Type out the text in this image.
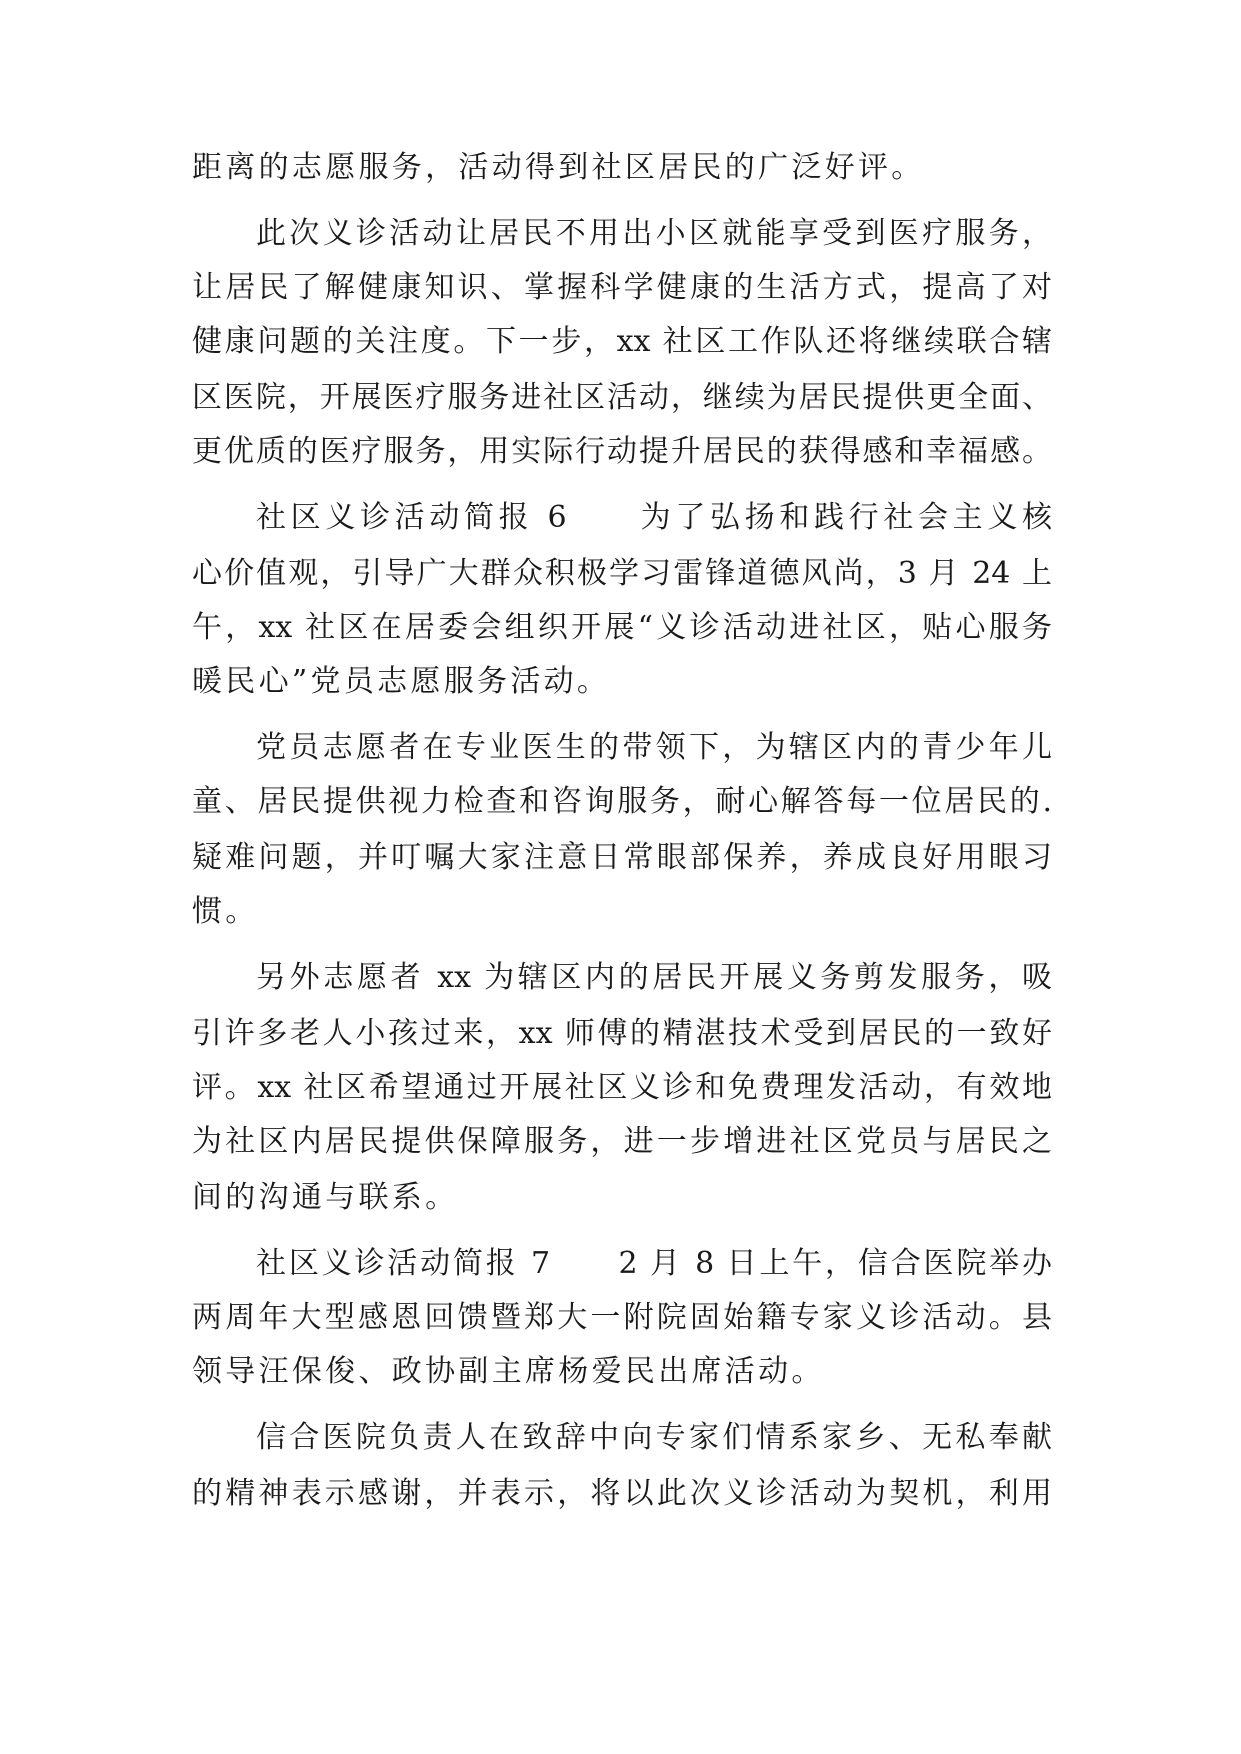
距离的志愿服务，活动得到社区居民的广泛好评。
此次义诊活动让居民不用出小区就能享受到医疗服务，
让居民了解健康知识、掌握科学健康的生活方式，提高了对
健康问题的关注度。下一步，xx 社区工作队还将继续联合辖
区医院，开展医疗服务进社区活动，继续为居民提供更全面、
更优质的医疗服务，用实际行动提升居民的获得感和幸福感。
社区义诊活动简报 6　　为了弘扬和践行社会主义核
心价值观，引导广大群众积极学习雷锋道德风尚，3 月 24 上
午，xx 社区在居委会组织开展“义诊活动进社区，贴心服务
暖民心”党员志愿服务活动。
党员志愿者在专业医生的带领下，为辖区内的青少年儿
童、居民提供视力检查和咨询服务，耐心解答每一位居民的.
疑难问题，并叮嘱大家注意日常眼部保养，养成良好用眼习
惯。
另外志愿者 xx 为辖区内的居民开展义务剪发服务，吸
引许多老人小孩过来，xx 师傅的精湛技术受到居民的一致好
评。xx 社区希望通过开展社区义诊和免费理发活动，有效地
为社区内居民提供保障服务，进一步增进社区党员与居民之
间的沟通与联系。
社区义诊活动简报 7　　2 月 8 日上午，信合医院举办
两周年大型感恩回馈暨郑大一附院固始籍专家义诊活动。县
领导汪保俊、政协副主席杨爱民出席活动。
信合医院负责人在致辞中向专家们情系家乡、无私奉献
的精神表示感谢，并表示，将以此次义诊活动为契机，利用
